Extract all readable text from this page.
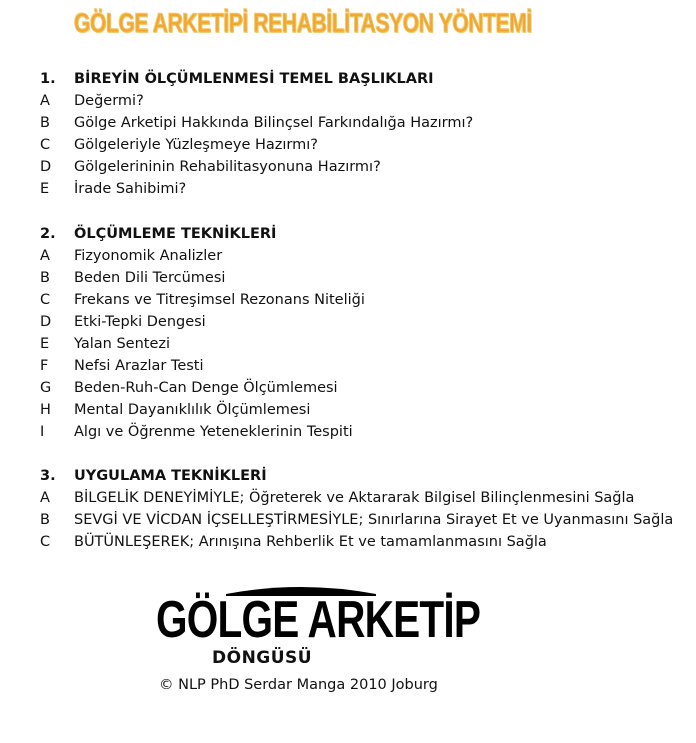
GÖLGE ARKETİPİ REHABİLİTASYON YÖNTEMİ
1.	BİREYİN ÖLÇÜMLENMESİ TEMEL BAŞLIKLARI
A	Değermi?
B	Gölge Arketipi Hakkında Bilinçsel Farkındalığa Hazırmı?
C	Gölgeleriyle Yüzleşmeye Hazırmı?
D	Gölgelerininin Rehabilitasyonuna Hazırmı?
E	İrade Sahibimi?
2.	ÖLÇÜMLEME TEKNİKLERİ
A	Fizyonomik Analizler
B	Beden Dili Tercümesi
C	Frekans ve Titreşimsel Rezonans Niteliği
D	Etki-Tepki Dengesi
E	Yalan Sentezi
F	Nefsi Arazlar Testi
G	Beden-Ruh-Can Denge Ölçümlemesi
H	Mental Dayanıklılık Ölçümlemesi
I	Algı ve Öğrenme Yeteneklerinin Tespiti
3.	UYGULAMA TEKNİKLERİ
A	BİLGELİK DENEYİMİYLE; Öğreterek ve Aktararak Bilgisel Bilinçlenmesini Sağla
B	SEVGİ VE VİCDAN İÇSELLEŞTİRMESİYLE; Sınırlarına Sirayet Et ve Uyanmasını Sağla
C	BÜTÜNLEŞEREK; Arınışına Rehberlik Et ve tamamlanmasını Sağla
GÖLGE ARKETİP
DÖNGÜSÜ
© NLP PhD Serdar Manga 2010 Joburg
